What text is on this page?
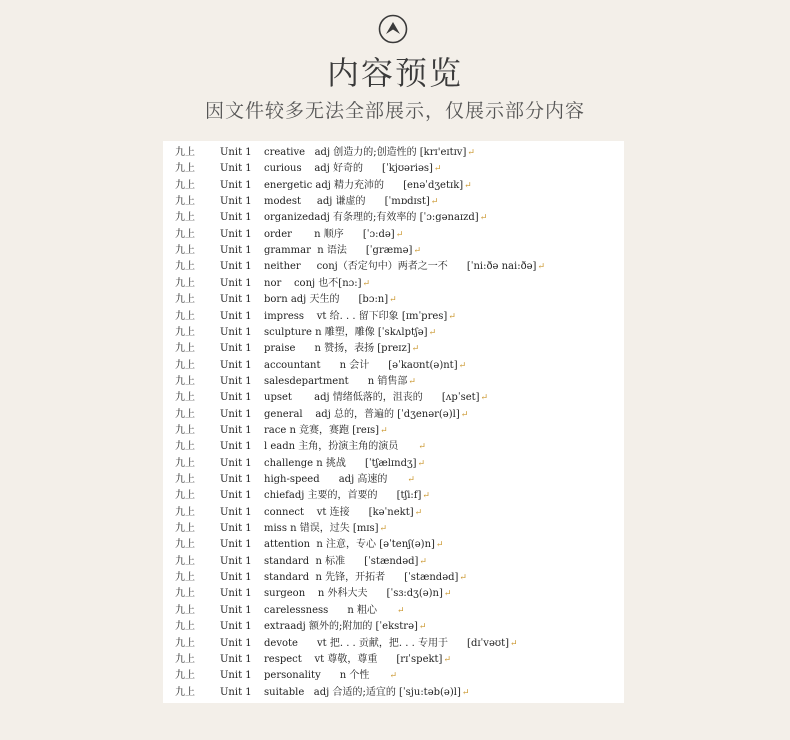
内容预览
因文件较多无法全部展示，仅展示部分内容
九上	Unit 1 creative   adj 创造力的;创造性的 [krɪ'eɪtɪv]↵
九上	Unit 1 curious    adj 好奇的      [ˈkjʊəriəs]↵
九上	Unit 1 energetic adj 精力充沛的      [enəˈdʒetɪk]↵
九上	Unit 1 modest     adj 谦虚的      [ˈmɒdɪst]↵
九上	Unit 1 organizedadj 有条理的;有效率的 [ˈɔ:gənaɪzd]↵
九上	Unit 1 order       n 顺序      [ˈɔ:də]↵
九上	Unit 1 grammar  n 语法      [ˈgræmə]↵
九上	Unit 1 neither     conj（否定句中）两者之一不      [ˈni:ðə nai:ðə]↵
九上	Unit 1 nor    conj 也不[nɔ:]↵
九上	Unit 1 born adj 天生的      [bɔ:n]↵
九上	Unit 1 impress    vt 给. . . 留下印象 [ɪmˈpres]↵
九上	Unit 1 sculpture n 雕塑，雕像 [ˈskʌlptʃə]↵
九上	Unit 1 praise      n 赞扬，表扬 [preɪz]↵
九上	Unit 1 accountant      n 会计      [əˈkaʊnt(ə)nt]↵
九上	Unit 1 salesdepartment      n 销售部↵
九上	Unit 1 upset       adj 情绪低落的，沮丧的      [ʌpˈset]↵
九上	Unit 1 general    adj 总的，普遍的 [ˈdʒenər(ə)l]↵
九上	Unit 1 race n 竞赛，赛跑 [reɪs]↵
九上	Unit 1 l eadn 主角，扮演主角的演员      ↵
九上	Unit 1 challenge n 挑战      [ˈtʃælɪndʒ]↵
九上	Unit 1 high-speed      adj 高速的      ↵
九上	Unit 1 chiefadj 主要的，首要的      [tʃi:f]↵
九上	Unit 1 connect    vt 连接      [kəˈnekt]↵
九上	Unit 1 miss n 错误，过失 [mɪs]↵
九上	Unit 1 attention  n 注意，专心 [əˈtenʃ(ə)n]↵
九上	Unit 1 standard  n 标准      [ˈstændəd]↵
九上	Unit 1 standard  n 先锋，开拓者      [ˈstændəd]↵
九上	Unit 1 surgeon    n 外科大夫      [ˈsɜ:dʒ(ə)n]↵
九上	Unit 1 carelessness      n 粗心      ↵
九上	Unit 1 extraadj 额外的;附加的 [ˈekstrə]↵
九上	Unit 1 devote      vt 把. . . 贡献，把. . . 专用于      [dɪˈvəʊt]↵
九上	Unit 1 respect    vt 尊敬，尊重      [rɪˈspekt]↵
九上	Unit 1 personality      n 个性      ↵
九上	Unit 1 suitable   adj 合适的;适宜的 [ˈsju:təb(ə)l]↵
